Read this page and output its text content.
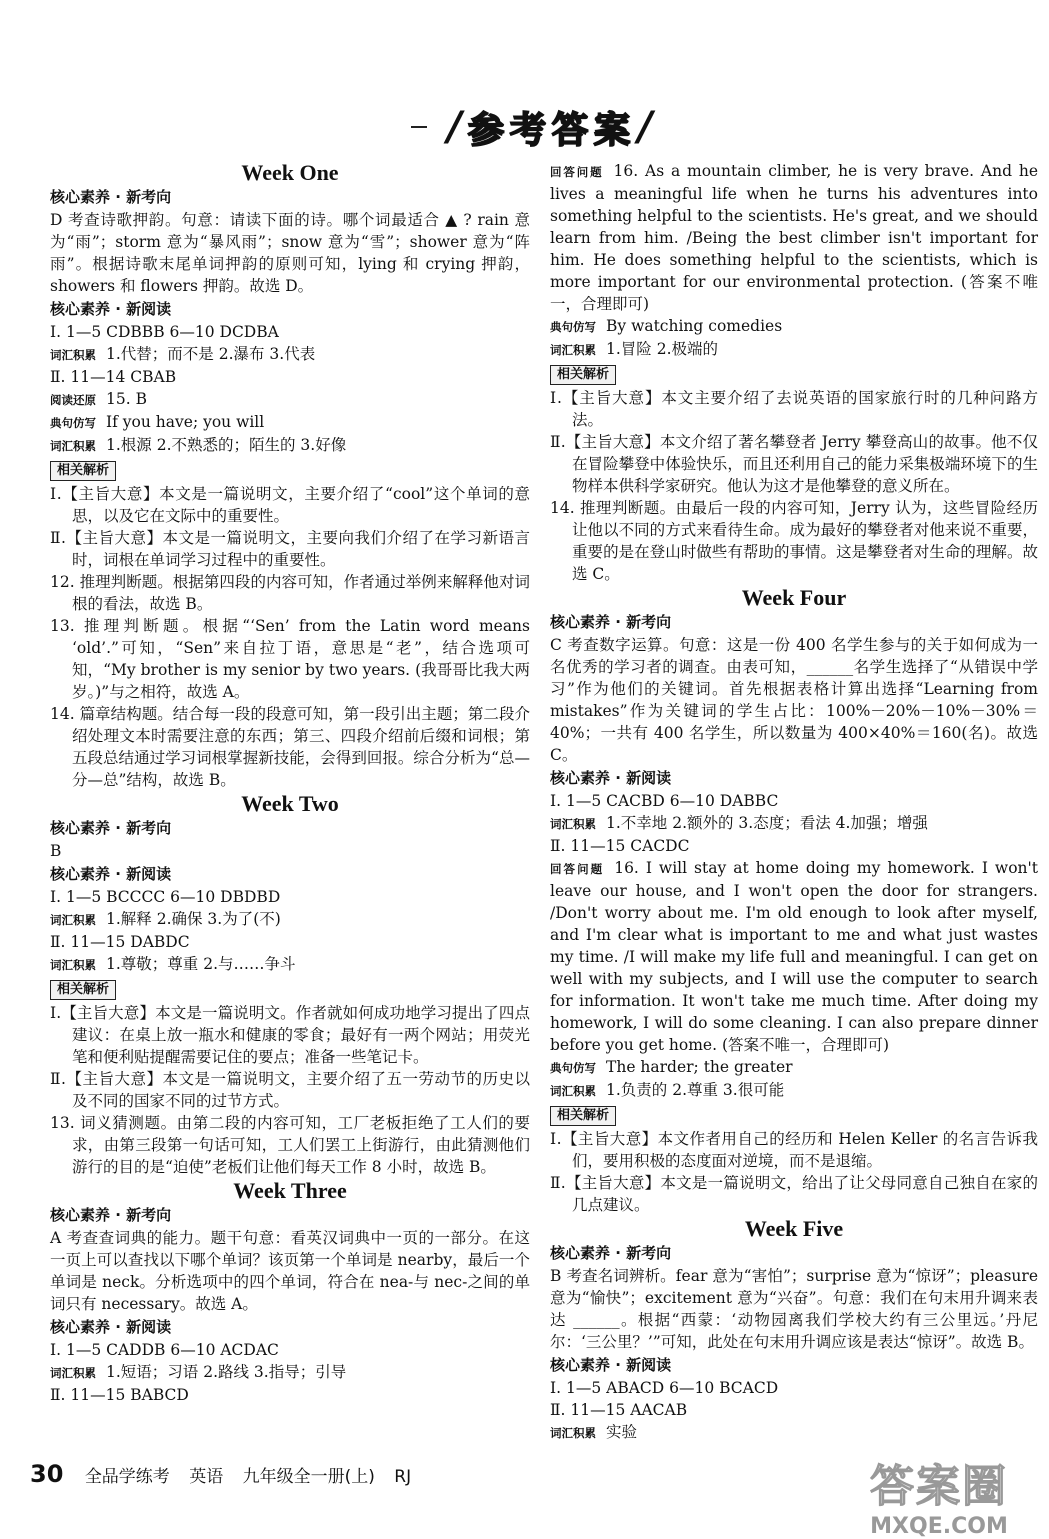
/ 参 考 答 案 /
Week One
核心素养 · 新考向

D 考查诗歌押韵。句意：请读下面的诗。哪个词最适合 ▲ ? rain 意为“雨”；storm 意为“暴风雨”；snow 意为“雪”；shower 意为“阵雨”。根据诗歌末尾单词押韵的原则可知，lying 和 crying 押韵，showers 和 flowers 押韵。故选 D。

核心素养 · 新阅读

Ⅰ. 1—5 CDBBB 6—10 DCDBA

词汇积累 1.代替；而不是 2.瀑布 3.代表

Ⅱ. 11—14 CBAB

阅读还原 15. B

典句仿写 If you have; you will

词汇积累 1.根源 2.不熟悉的；陌生的 3.好像

相关解析

Ⅰ.【主旨大意】本文是一篇说明文，主要介绍了“cool”这个单词的意思，以及它在文际中的重要性。

Ⅱ.【主旨大意】本文是一篇说明文，主要向我们介绍了在学习新语言时，词根在单词学习过程中的重要性。

12. 推理判断题。根据第四段的内容可知，作者通过举例来解释他对词根的看法，故选 B。

13. 推理判断题。根据“‘Sen’ from the Latin word means ‘old’.”可知，“Sen”来自拉丁语，意思是“老”，结合选项可知，“My brother is my senior by two years. (我哥哥比我大两岁。)”与之相符，故选 A。

14. 篇章结构题。结合每一段的段意可知，第一段引出主题；第二段介绍处理文本时需要注意的东西；第三、四段介绍前后缀和词根；第五段总结通过学习词根掌握新技能，会得到回报。综合分析为“总—分—总”结构，故选 B。

Week Two
核心素养 · 新考向

B

核心素养 · 新阅读

Ⅰ. 1—5 BCCCC 6—10 DBDBD

词汇积累 1.解释 2.确保 3.为了(不)

Ⅱ. 11—15 DABDC

词汇积累 1.尊敬；尊重 2.与……争斗

相关解析

Ⅰ.【主旨大意】本文是一篇说明文。作者就如何成功地学习提出了四点建议：在桌上放一瓶水和健康的零食；最好有一两个网站；用荧光笔和便利贴提醒需要记住的要点；准备一些笔记卡。

Ⅱ.【主旨大意】本文是一篇说明文，主要介绍了五一劳动节的历史以及不同的国家不同的过节方式。

13. 词义猜测题。由第二段的内容可知，工厂老板拒绝了工人们的要求，由第三段第一句话可知，工人们罢工上街游行，由此猜测他们游行的目的是“迫使”老板们让他们每天工作 8 小时，故选 B。

Week Three
核心素养 · 新考向

A 考查查词典的能力。题干句意：看英汉词典中一页的一部分。在这一页上可以查找以下哪个单词？该页第一个单词是 nearby，最后一个单词是 neck。分析选项中的四个单词，符合在 nea-与 nec-之间的单词只有 necessary。故选 A。

核心素养 · 新阅读

Ⅰ. 1—5 CADDB 6—10 ACDAC

词汇积累 1.短语；习语 2.路线 3.指导；引导

Ⅱ. 11—15 BABCD

回答问题 16. As a mountain climber, he is very brave. And he lives a meaningful life when he turns his adventures into something helpful to the scientists. He's great, and we should learn from him. /Being the best climber isn't important for him. He does something helpful to the scientists, which is more important for our environmental protection. (答案不唯一，合理即可)

典句仿写 By watching comedies

词汇积累 1.冒险 2.极端的

相关解析

Ⅰ.【主旨大意】本文主要介绍了去说英语的国家旅行时的几种问路方法。

Ⅱ.【主旨大意】本文介绍了著名攀登者 Jerry 攀登高山的故事。他不仅在冒险攀登中体验快乐，而且还利用自己的能力采集极端环境下的生物样本供科学家研究。他认为这才是他攀登的意义所在。

14. 推理判断题。由最后一段的内容可知，Jerry 认为，这些冒险经历让他以不同的方式来看待生命。成为最好的攀登者对他来说不重要，重要的是在登山时做些有帮助的事情。这是攀登者对生命的理解。故选 C。

Week Four
核心素养 · 新考向

C 考查数字运算。句意：这是一份 400 名学生参与的关于如何成为一名优秀的学习者的调查。由表可知，______名学生选择了“从错误中学习”作为他们的关键词。首先根据表格计算出选择“Learning from mistakes”作为关键词的学生占比：100%－20%－10%－30%＝40%；一共有 400 名学生，所以数量为 400×40%＝160(名)。故选 C。

核心素养 · 新阅读

Ⅰ. 1—5 CACBD 6—10 DABBC

词汇积累 1.不幸地 2.额外的 3.态度；看法 4.加强；增强

Ⅱ. 11—15 CACDC

回答问题 16. I will stay at home doing my homework. I won't leave our house, and I won't open the door for strangers. /Don't worry about me. I'm old enough to look after myself, and I'm clear what is important to me and what just wastes my time. /I will make my life full and meaningful. I can get on well with my subjects, and I will use the computer to search for information. It won't take me much time. After doing my homework, I will do some cleaning. I can also prepare dinner before you get home. (答案不唯一，合理即可)

典句仿写 The harder; the greater

词汇积累 1.负责的 2.尊重 3.很可能

相关解析

Ⅰ.【主旨大意】本文作者用自己的经历和 Helen Keller 的名言告诉我们，要用积极的态度面对逆境，而不是退缩。

Ⅱ.【主旨大意】本文是一篇说明文，给出了让父母同意自己独自在家的几点建议。

Week Five
核心素养 · 新考向

B 考查名词辨析。fear 意为“害怕”；surprise 意为“惊讶”；pleasure 意为“愉快”；excitement 意为“兴奋”。句意：我们在句末用升调来表达 ______。根据“西蒙：‘动物园离我们学校大约有三公里远。’丹尼尔：‘三公里？’”可知，此处在句末用升调应该是表达“惊讶”。故选 B。

核心素养 · 新阅读

Ⅰ. 1—5 ABACD 6—10 BCACD

Ⅱ. 11—15 AACAB

词汇积累 实验

30 全品学练考 英语 九年级全一册(上) RJ	答案圈
MXQE.COM
